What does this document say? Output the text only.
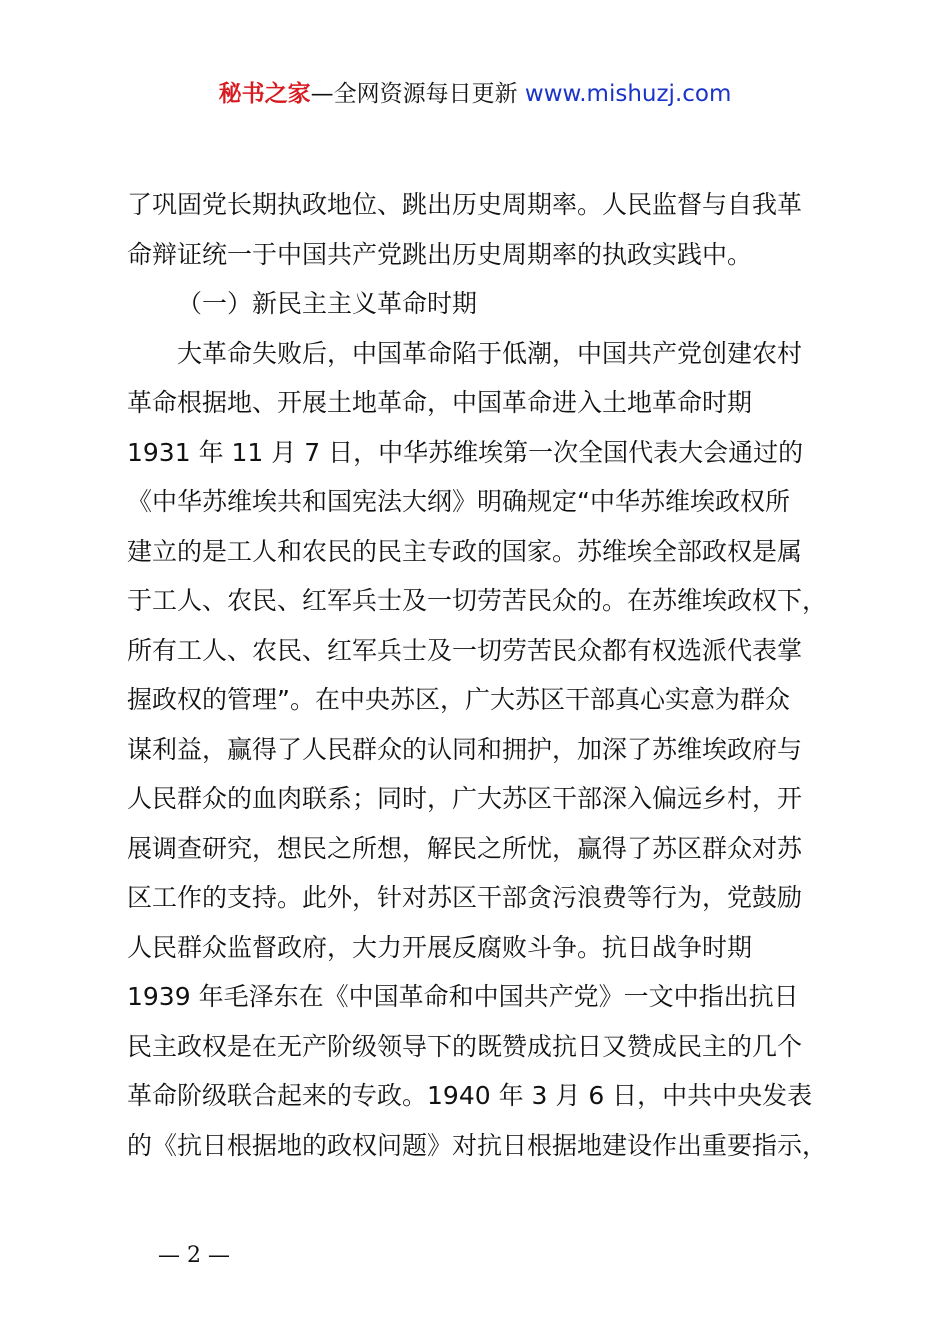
秘书之家—全网资源每日更新 www.mishuzj.com
了巩固党长期执政地位、跳出历史周期率。人民监督与自我革
命辩证统一于中国共产党跳出历史周期率的执政实践中。
（一）新民主主义革命时期
大革命失败后，中国革命陷于低潮，中国共产党创建农村
革命根据地、开展土地革命，中国革命进入土地革命时期
1931 年 11 月 7 日，中华苏维埃第一次全国代表大会通过的
《中华苏维埃共和国宪法大纲》明确规定“中华苏维埃政权所
建立的是工人和农民的民主专政的国家。苏维埃全部政权是属
于工人、农民、红军兵士及一切劳苦民众的。在苏维埃政权下，
所有工人、农民、红军兵士及一切劳苦民众都有权选派代表掌
握政权的管理”。在中央苏区，广大苏区干部真心实意为群众
谋利益，赢得了人民群众的认同和拥护，加深了苏维埃政府与
人民群众的血肉联系；同时，广大苏区干部深入偏远乡村，开
展调查研究，想民之所想，解民之所忧，赢得了苏区群众对苏
区工作的支持。此外，针对苏区干部贪污浪费等行为，党鼓励
人民群众监督政府，大力开展反腐败斗争。抗日战争时期
1939 年毛泽东在《中国革命和中国共产党》一文中指出抗日
民主政权是在无产阶级领导下的既赞成抗日又赞成民主的几个
革命阶级联合起来的专政。1940 年 3 月 6 日，中共中央发表
的《抗日根据地的政权问题》对抗日根据地建设作出重要指示，
— 2 —
